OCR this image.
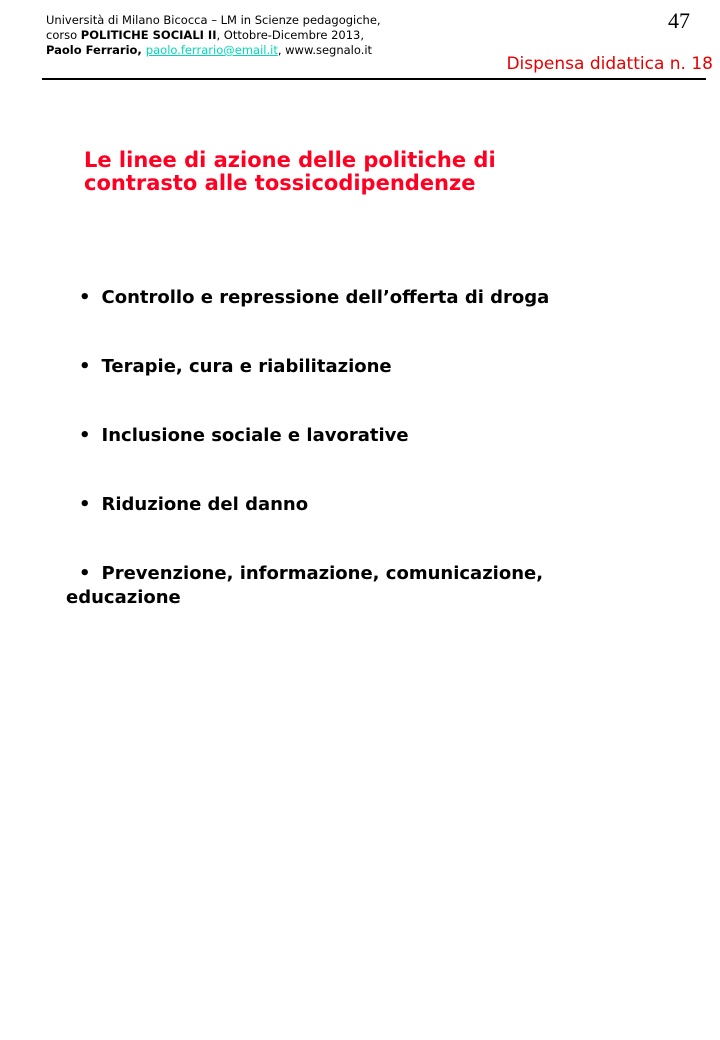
Università di Milano Bicocca – LM in Scienze pedagogiche,
corso POLITICHE SOCIALI II, Ottobre-Dicembre 2013,
Paolo Ferrario, paolo.ferrario@email.it, www.segnalo.it
47
Dispensa didattica n. 18
Le linee di azione delle politiche di
contrasto alle tossicodipendenze
• Controllo e repressione dell’offerta di droga
• Terapie, cura e riabilitazione
• Inclusione sociale e lavorative
• Riduzione del danno
• Prevenzione, informazione, comunicazione,
educazione
